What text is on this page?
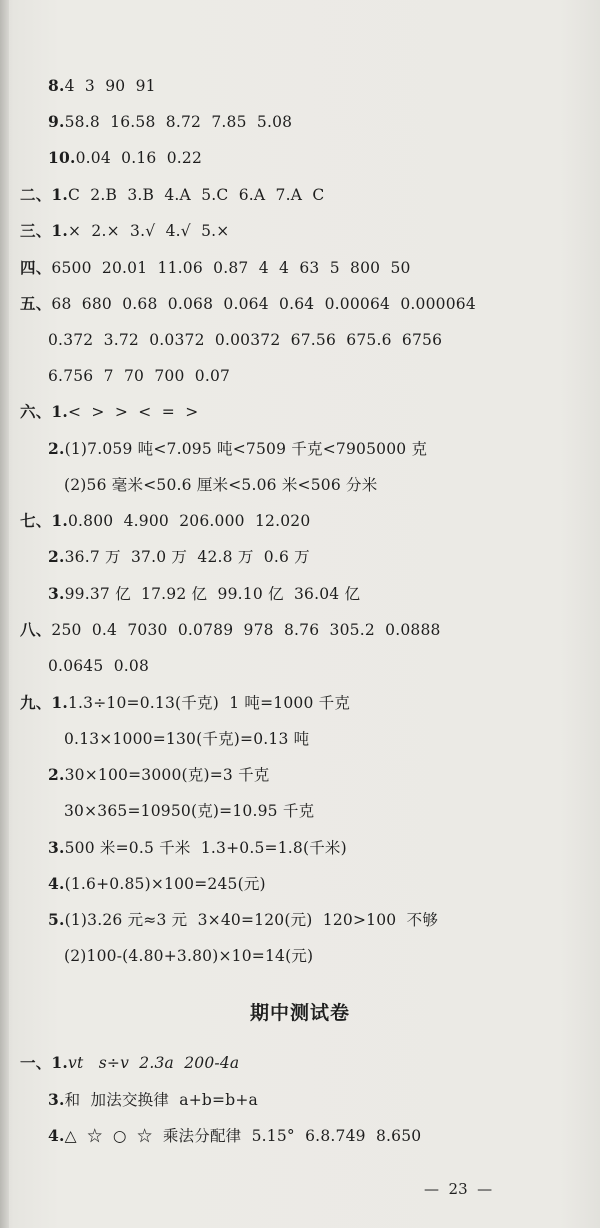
8.4  3  90  91
9.58.8  16.58  8.72  7.85  5.08
10.0.04  0.16  0.22
二、1.C  2.B  3.B  4.A  5.C  6.A  7.A  C
三、1.×  2.×  3.√  4.√  5.×
四、6500  20.01  11.06  0.87  4  4  63  5  800  50
五、68  680  0.68  0.068  0.064  0.64  0.00064  0.000064
0.372  3.72  0.0372  0.00372  67.56  675.6  6756
6.756  7  70  700  0.07
六、1.<  >  >  <  =  >
2.(1)7.059 吨<7.095 吨<7509 千克<7905000 克
(2)56 毫米<50.6 厘米<5.06 米<506 分米
七、1.0.800  4.900  206.000  12.020
2.36.7 万  37.0 万  42.8 万  0.6 万
3.99.37 亿  17.92 亿  99.10 亿  36.04 亿
八、250  0.4  7030  0.0789  978  8.76  305.2  0.0888
0.0645  0.08
九、1.1.3÷10=0.13(千克)  1 吨=1000 千克
0.13×1000=130(千克)=0.13 吨
2.30×100=3000(克)=3 千克
30×365=10950(克)=10.95 千克
3.500 米=0.5 千米  1.3+0.5=1.8(千米)
4.(1.6+0.85)×100=245(元)
5.(1)3.26 元≈3 元  3×40=120(元)  120>100  不够
(2)100-(4.80+3.80)×10=14(元)
期中测试卷
一、1.vt   s÷v  2.3a  200-4a
3.和  加法交换律  a+b=b+a
4.△  ☆  ○  ☆  乘法分配律  5.15°  6.8.749  8.650
—  23  —
